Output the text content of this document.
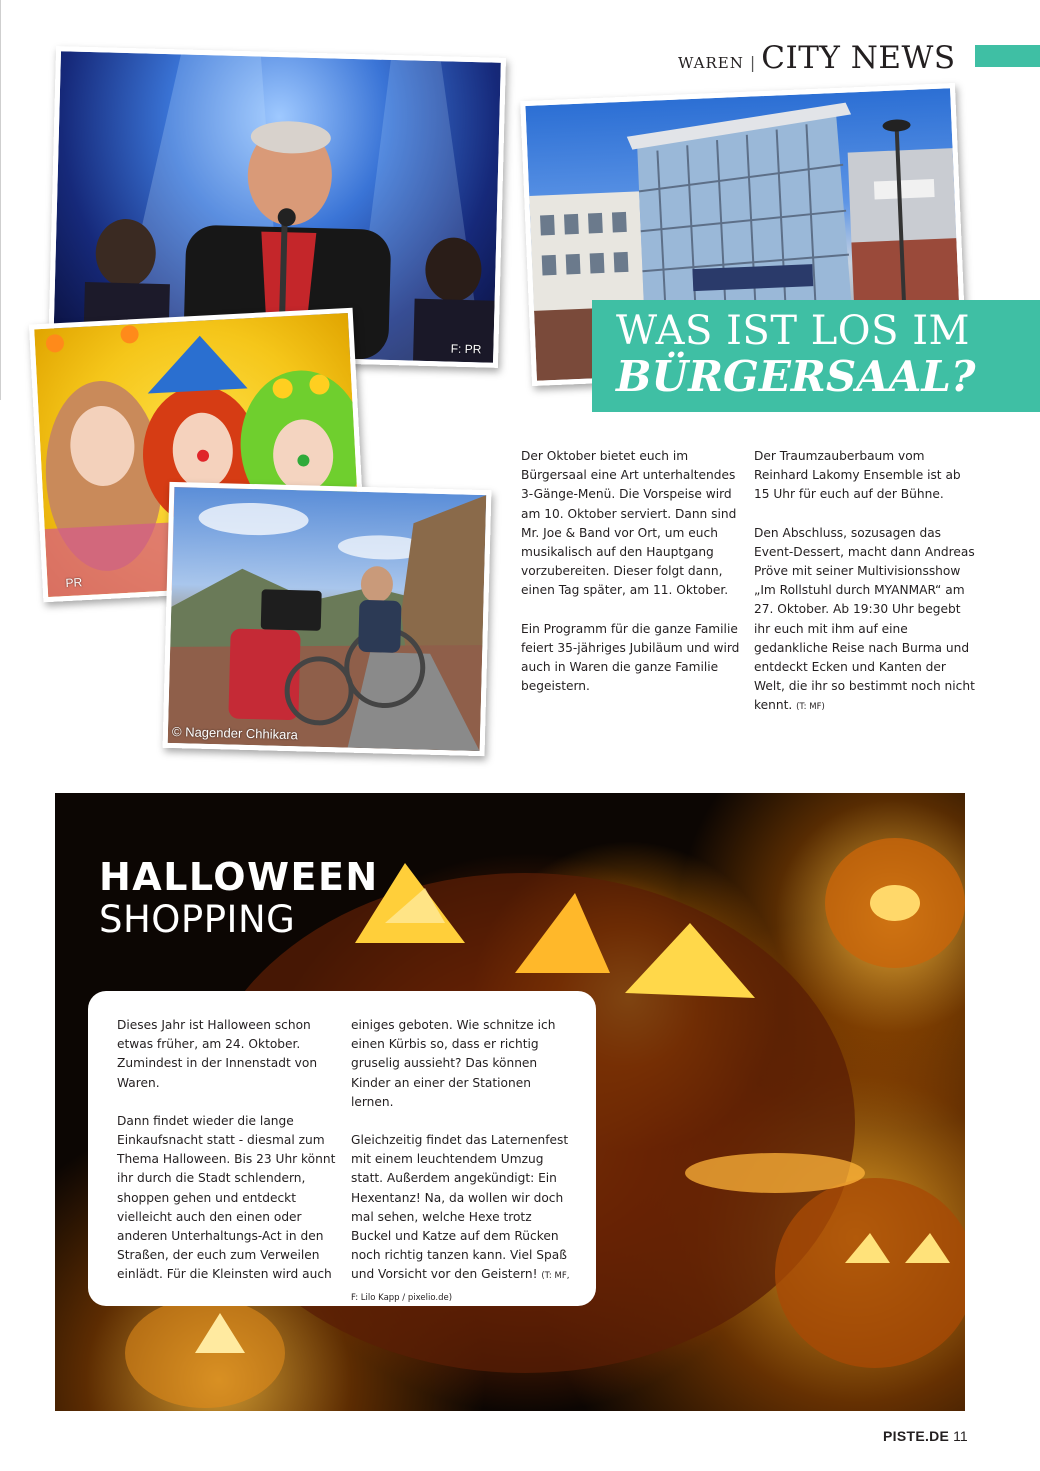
WAREN | CITY NEWS
F: PR
PR
© Nagender Chhikara
WAS IST LOS IM
BÜRGERSAAL?

Der Oktober bietet euch im Bürgersaal eine Art unterhaltendes 3-Gänge-Menü. Die Vorspeise wird am 10. Oktober serviert. Dann sind Mr. Joe & Band vor Ort, um euch musikalisch auf den Hauptgang vorzubereiten. Dieser folgt dann, einen Tag später, am 11. Oktober.

Ein Programm für die ganze Familie feiert 35-jähriges Jubiläum und wird auch in Waren die ganze Familie begeistern.

Der Traumzauberbaum vom Reinhard Lakomy Ensemble ist ab 15 Uhr für euch auf der Bühne.

Den Abschluss, sozusagen das Event-Dessert, macht dann Andreas Pröve mit seiner Multivisionsshow „Im Rollstuhl durch MYANMAR“ am 27. Oktober. Ab 19:30 Uhr begebt ihr euch mit ihm auf eine gedankliche Reise nach Burma und entdeckt Ecken und Kanten der Welt, die ihr so bestimmt noch nicht kennt. (T: MF)

HALLOWEEN
SHOPPING

Dieses Jahr ist Halloween schon etwas früher, am 24. Oktober. Zumindest in der Innenstadt von Waren.

Dann findet wieder die lange Einkaufsnacht statt - diesmal zum Thema Halloween. Bis 23 Uhr könnt ihr durch die Stadt schlendern, shoppen gehen und entdeckt vielleicht auch den einen oder anderen Unterhaltungs-Act in den Straßen, der euch zum Verweilen einlädt. Für die Kleinsten wird auch

einiges geboten. Wie schnitze ich einen Kürbis so, dass er richtig gruselig aussieht? Das können Kinder an einer der Stationen lernen.

Gleichzeitig findet das Laternenfest mit einem leuchtendem Umzug statt. Außerdem angekündigt: Ein Hexentanz! Na, da wollen wir doch mal sehen, welche Hexe trotz Buckel und Katze auf dem Rücken noch richtig tanzen kann. Viel Spaß und Vorsicht vor den Geistern! (T: MF, F: Lilo Kapp / pixelio.de)

PISTE.DE 11
